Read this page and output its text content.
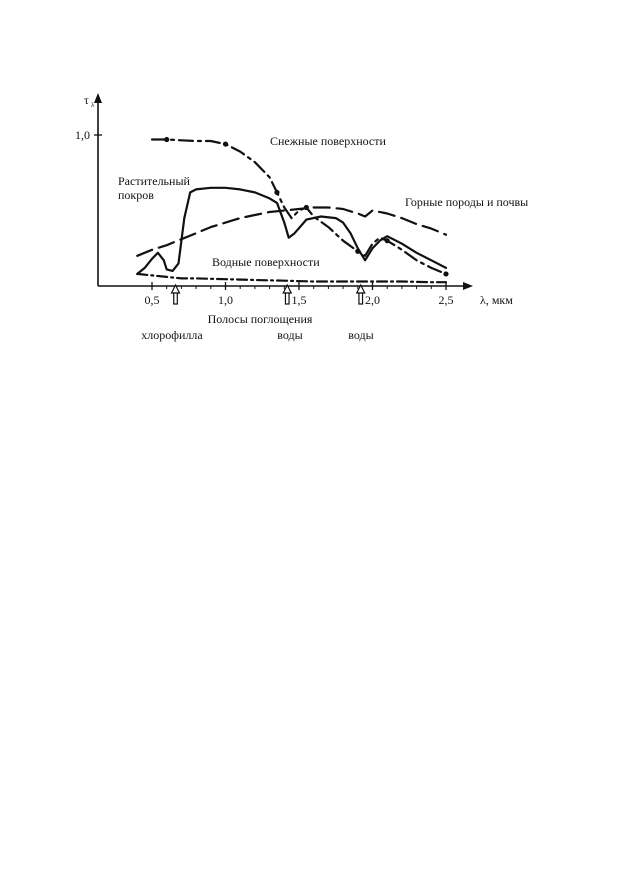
τ λ
1,0
0,5	1,0	1,5	2,0	2,5 λ, мкм
Снежные поверхности
Растительный
покров	Горные породы и почвы
Водные поверхности
Полосы поглощения
хлорофилла	воды	воды
